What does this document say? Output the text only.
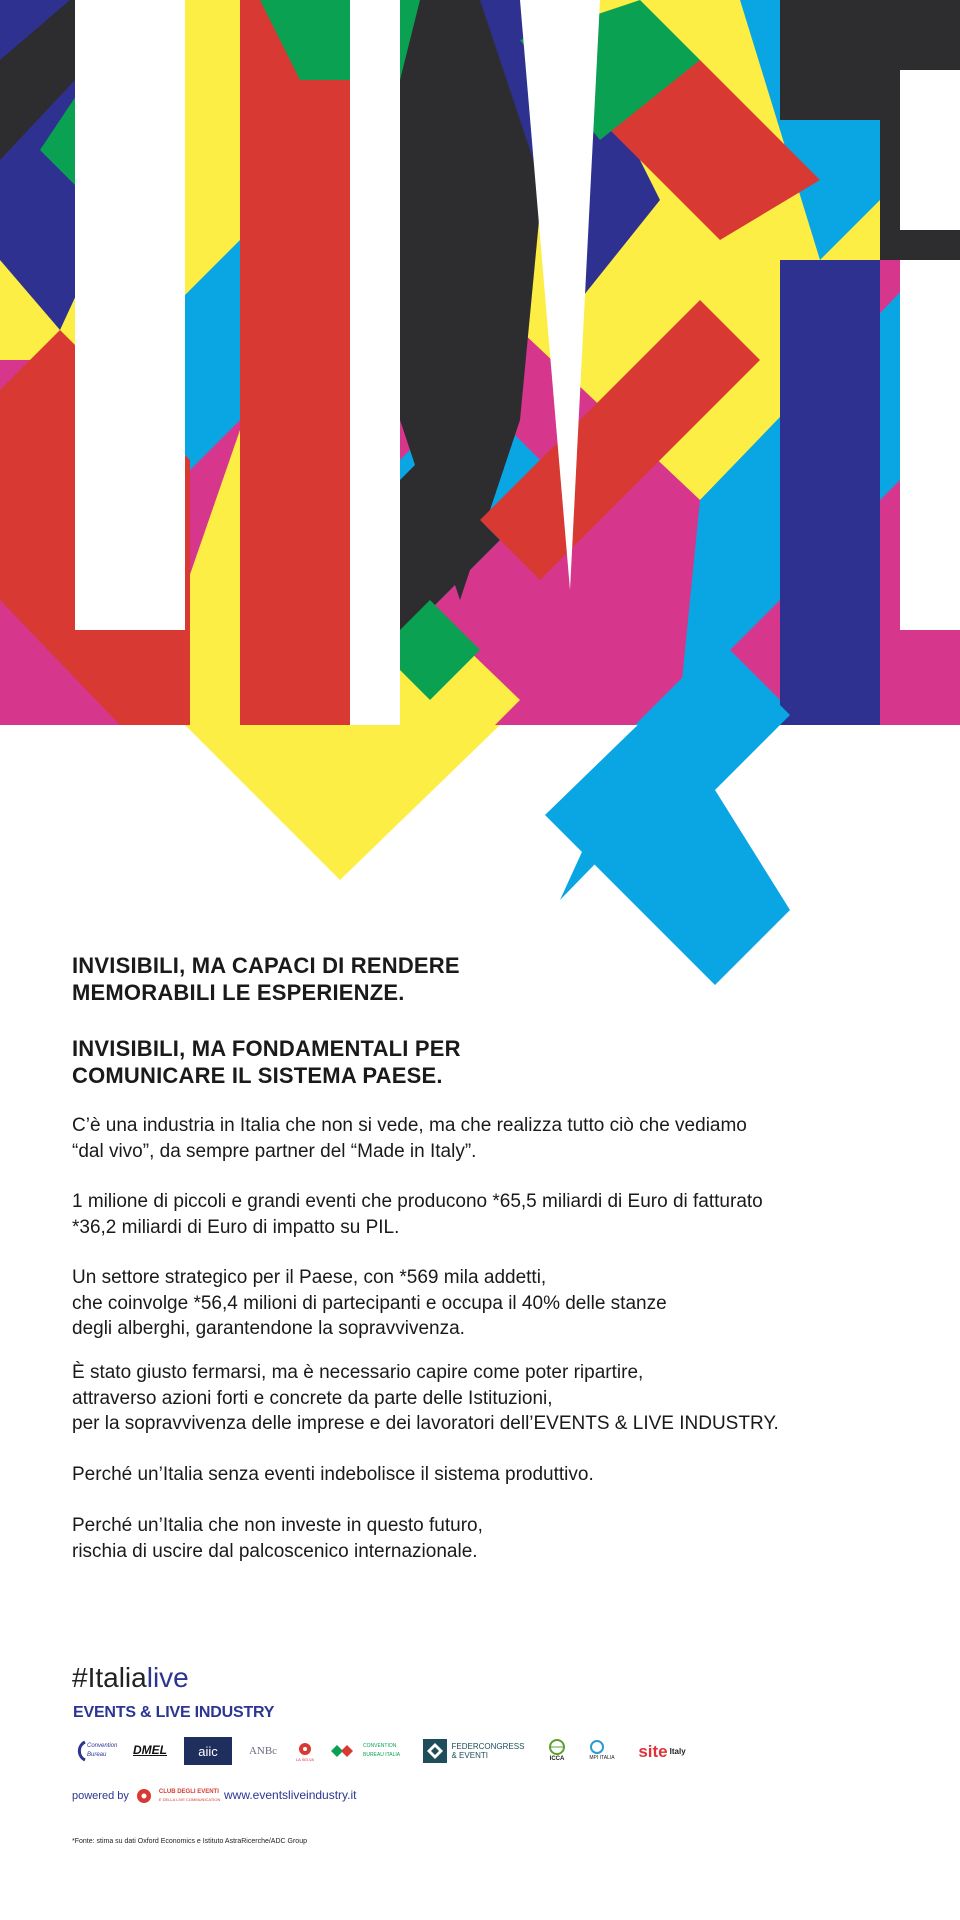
INVISIBILI, MA CAPACI DI RENDERE

MEMORABILI LE ESPERIENZE.

INVISIBILI, MA FONDAMENTALI PER

COMUNICARE IL SISTEMA PAESE.

C’è una industria in Italia che non si vede, ma che realizza tutto ciò che vediamo

“dal vivo”, da sempre partner del “Made in Italy”.

1 milione di piccoli e grandi eventi che producono *65,5 miliardi di Euro di fatturato

*36,2 miliardi di Euro di impatto su PIL.

Un settore strategico per il Paese, con *569 mila addetti,

che coinvolge *56,4 milioni di partecipanti e occupa il 40% delle stanze

degli alberghi, garantendone la sopravvivenza.

È stato giusto fermarsi, ma è necessario capire come poter ripartire,

attraverso azioni forti e concrete da parte delle Istituzioni,

per la sopravvivenza delle imprese e dei lavoratori dell’EVENTS & LIVE INDUSTRY.

Perché un’Italia senza eventi indebolisce il sistema produttivo.

Perché un’Italia che non investe in questo futuro,

rischia di uscire dal palcoscenico internazionale.

#Italialive
EVENTS & LIVE INDUSTRY
Convention Bureau	DMEL aiic	ANBc
LA SELVA
CONVENTION BUREAU ITALIA
FEDERCONGRESS & EVENTI	ICCA	MPI ITALIA site Italy
powered by	CLUB DEGLI EVENTI
E DELLA LIVE COMMUNICATION www.eventsliveindustry.it
*Fonte: stima su dati Oxford Economics e Istituto AstraRicerche/ADC Group
